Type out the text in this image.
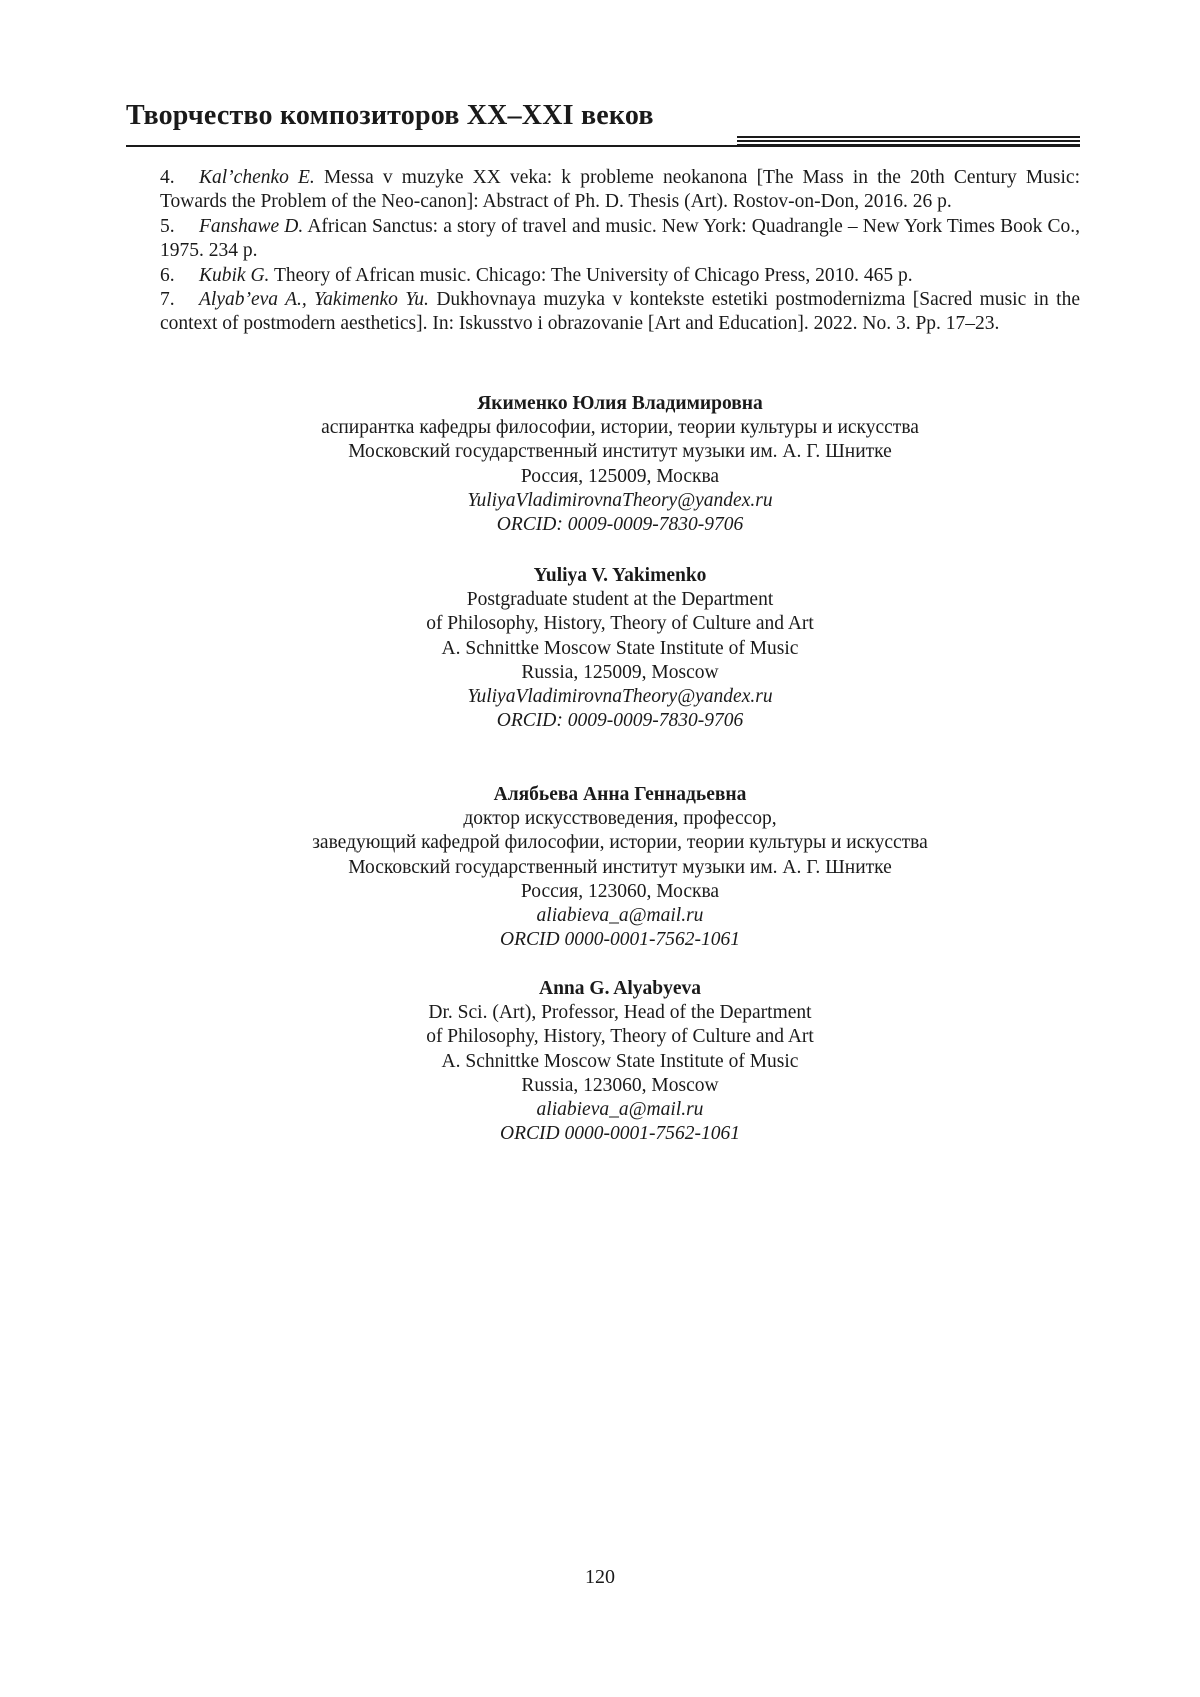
Творчество композиторов XX–XXI веков

4. Kal’chenko E. Messa v muzyke XX veka: k probleme neokanona [The Mass in the 20th Century Music: Towards the Problem of the Neo-canon]: Abstract of Ph. D. Thesis (Art). Rostov-on-Don, 2016. 26 p.

5. Fanshawe D. African Sanctus: a story of travel and music. New York: Quadrangle – New York Times Book Co., 1975. 234 p.

6. Kubik G. Theory of African music. Chicago: The University of Chicago Press, 2010. 465 p.

7. Alyab’eva A., Yakimenko Yu. Dukhovnaya muzyka v kontekste estetiki postmodernizma [Sacred music in the context of postmodern aesthetics]. In: Iskusstvo i obrazovanie [Art and Education]. 2022. No. 3. Pp. 17–23.

Якименко Юлия Владимировна
аспирантка кафедры философии, истории, теории культуры и искусства
Московский государственный институт музыки им. А. Г. Шнитке
Россия, 125009, Москва
YuliyaVladimirovnaTheory@yandex.ru
ORCID: 0009-0009-7830-9706
Yuliya V. Yakimenko
Postgraduate student at the Department
of Philosophy, History, Theory of Culture and Art
A. Schnittke Moscow State Institute of Music
Russia, 125009, Moscow
YuliyaVladimirovnaTheory@yandex.ru
ORCID: 0009-0009-7830-9706
Алябьева Анна Геннадьевна
доктор искусствоведения, профессор,
заведующий кафедрой философии, истории, теории культуры и искусства
Московский государственный институт музыки им. А. Г. Шнитке
Россия, 123060, Москва
aliabieva_a@mail.ru
ORCID 0000-0001-7562-1061
Anna G. Alyabyeva
Dr. Sci. (Art), Professor, Head of the Department
of Philosophy, History, Theory of Culture and Art
A. Schnittke Moscow State Institute of Music
Russia, 123060, Moscow
aliabieva_a@mail.ru
ORCID 0000-0001-7562-1061
120
